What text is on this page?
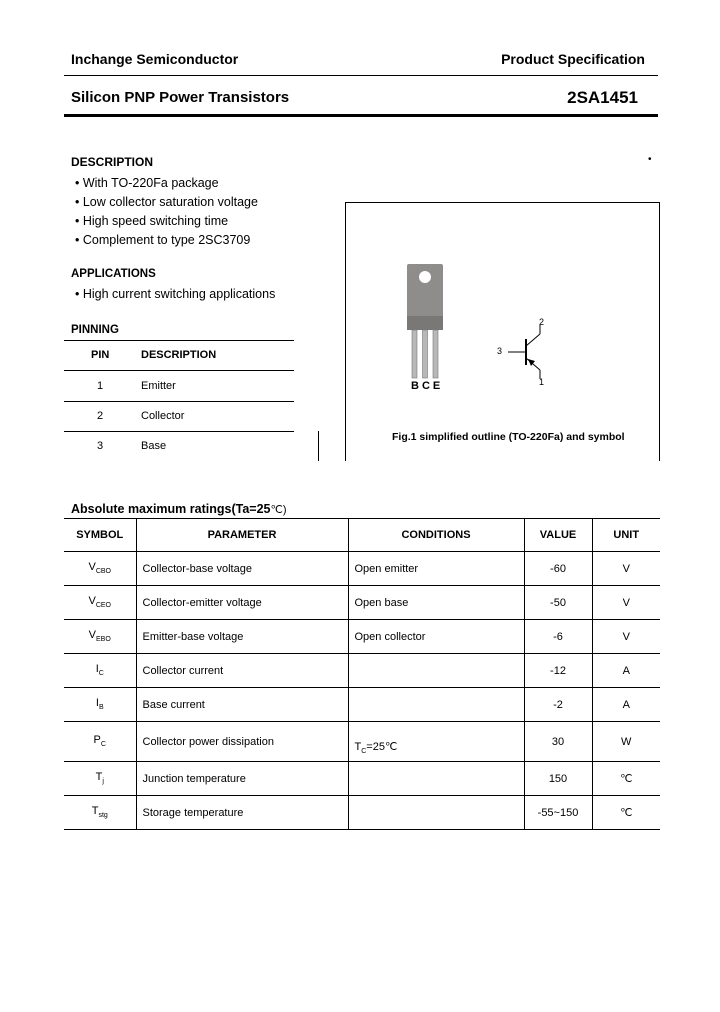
Inchange Semiconductor	Product Specification
Silicon PNP Power Transistors	2SA1451
DESCRIPTION	•
• With TO-220Fa package
• Low collector saturation voltage
• High speed switching time
• Complement to type 2SC3709
APPLICATIONS
• High current switching applications
PINNING
PIN	DESCRIPTION
1	Emitter
2	Collector
3	Base
BCE
2
3
1
Fig.1 simplified outline (TO-220Fa) and symbol
Absolute maximum ratings(Ta=25℃)
SYMBOL	PARAMETER	CONDITIONS	VALUE	UNIT
$V_{CBO}$	Collector-base voltage	Open emitter	-60	V
$V_{CEO}$	Collector-emitter voltage	Open base	-50	V
$V_{EBO}$	Emitter-base voltage	Open collector	-6	V
$I_C$	Collector current		-12	A
$I_B$	Base current		-2	A
$P_C$	Collector power dissipation	$T_C=25℃$	30	W
$T_j$	Junction temperature		150	℃
$T_{stg}$	Storage temperature		-55~150	℃
